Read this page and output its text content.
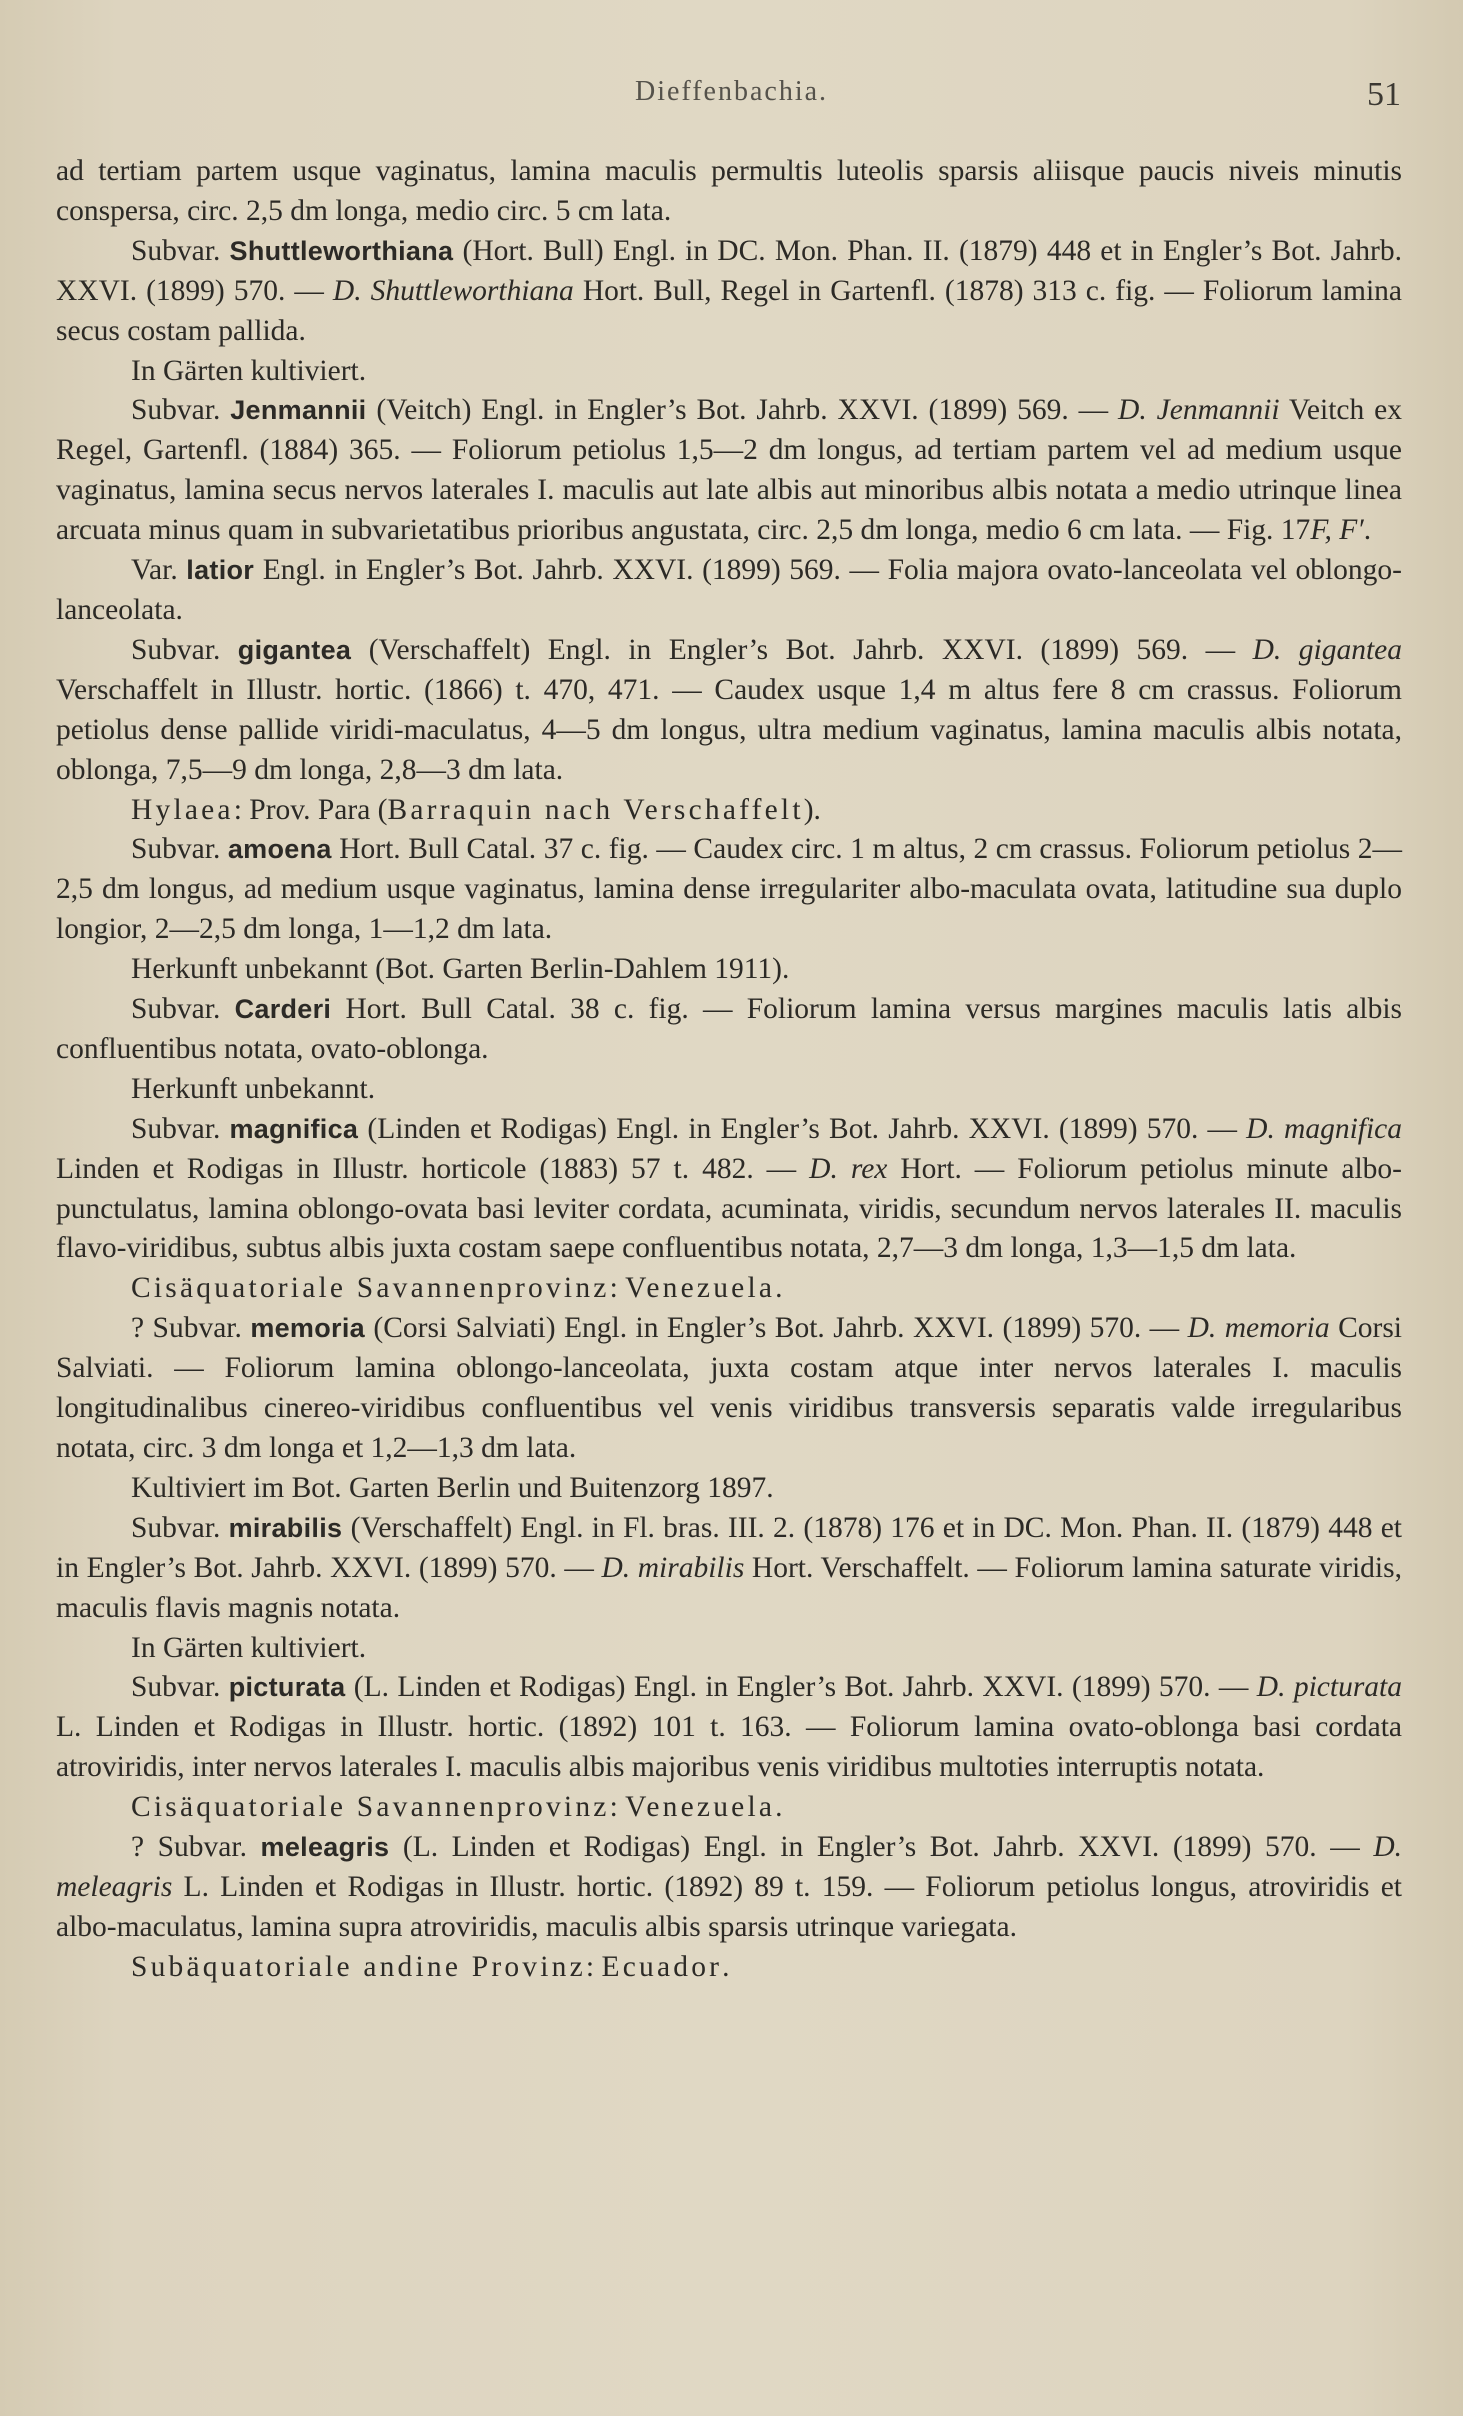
Dieffenbachia.	51

ad tertiam partem usque vaginatus, lamina maculis permultis luteolis sparsis aliisque paucis niveis minutis conspersa, circ. 2,5 dm longa, medio circ. 5 cm lata.

Subvar. Shuttleworthiana (Hort. Bull) Engl. in DC. Mon. Phan. II. (1879) 448 et in Engler’s Bot. Jahrb. XXVI. (1899) 570. — D. Shuttleworthiana Hort. Bull, Regel in Gartenfl. (1878) 313 c. fig. — Foliorum lamina secus costam pallida.

In Gärten kultiviert.

Subvar. Jenmannii (Veitch) Engl. in Engler’s Bot. Jahrb. XXVI. (1899) 569. — D. Jenmannii Veitch ex Regel, Gartenfl. (1884) 365. — Foliorum petiolus 1,5—2 dm longus, ad tertiam partem vel ad medium usque vaginatus, lamina secus nervos laterales I. maculis aut late albis aut minoribus albis notata a medio utrinque linea arcuata minus quam in subvarietatibus prioribus angustata, circ. 2,5 dm longa, medio 6 cm lata. — Fig. 17F, F′.

Var. latior Engl. in Engler’s Bot. Jahrb. XXVI. (1899) 569. — Folia majora ovato-lanceolata vel oblongo-lanceolata.

Subvar. gigantea (Verschaffelt) Engl. in Engler’s Bot. Jahrb. XXVI. (1899) 569. — D. gigantea Verschaffelt in Illustr. hortic. (1866) t. 470, 471. — Caudex usque 1,4 m altus fere 8 cm crassus. Foliorum petiolus dense pallide viridi-maculatus, 4—5 dm longus, ultra medium vaginatus, lamina maculis albis notata, oblonga, 7,5—9 dm longa, 2,8—3 dm lata.

Hylaea: Prov. Para (Barraquin nach Verschaffelt).

Subvar. amoena Hort. Bull Catal. 37 c. fig. — Caudex circ. 1 m altus, 2 cm crassus. Foliorum petiolus 2—2,5 dm longus, ad medium usque vaginatus, lamina dense irregulariter albo-maculata ovata, latitudine sua duplo longior, 2—2,5 dm longa, 1—1,2 dm lata.

Herkunft unbekannt (Bot. Garten Berlin-Dahlem 1911).

Subvar. Carderi Hort. Bull Catal. 38 c. fig. — Foliorum lamina versus margines maculis latis albis confluentibus notata, ovato-oblonga.

Herkunft unbekannt.

Subvar. magnifica (Linden et Rodigas) Engl. in Engler’s Bot. Jahrb. XXVI. (1899) 570. — D. magnifica Linden et Rodigas in Illustr. horticole (1883) 57 t. 482. — D. rex Hort. — Foliorum petiolus minute albo-punctulatus, lamina oblongo-ovata basi leviter cordata, acuminata, viridis, secundum nervos laterales II. maculis flavo-viridibus, subtus albis juxta costam saepe confluentibus notata, 2,7—3 dm longa, 1,3—1,5 dm lata.

Cisäquatoriale Savannenprovinz: Venezuela.

? Subvar. memoria (Corsi Salviati) Engl. in Engler’s Bot. Jahrb. XXVI. (1899) 570. — D. memoria Corsi Salviati. — Foliorum lamina oblongo-lanceolata, juxta costam atque inter nervos laterales I. maculis longitudinalibus cinereo-viridibus confluentibus vel venis viridibus transversis separatis valde irregularibus notata, circ. 3 dm longa et 1,2—1,3 dm lata.

Kultiviert im Bot. Garten Berlin und Buitenzorg 1897.

Subvar. mirabilis (Verschaffelt) Engl. in Fl. bras. III. 2. (1878) 176 et in DC. Mon. Phan. II. (1879) 448 et in Engler’s Bot. Jahrb. XXVI. (1899) 570. — D. mirabilis Hort. Verschaffelt. — Foliorum lamina saturate viridis, maculis flavis magnis notata.

In Gärten kultiviert.

Subvar. picturata (L. Linden et Rodigas) Engl. in Engler’s Bot. Jahrb. XXVI. (1899) 570. — D. picturata L. Linden et Rodigas in Illustr. hortic. (1892) 101 t. 163. — Foliorum lamina ovato-oblonga basi cordata atroviridis, inter nervos laterales I. maculis albis majoribus venis viridibus multoties interruptis notata.

Cisäquatoriale Savannenprovinz: Venezuela.

? Subvar. meleagris (L. Linden et Rodigas) Engl. in Engler’s Bot. Jahrb. XXVI. (1899) 570. — D. meleagris L. Linden et Rodigas in Illustr. hortic. (1892) 89 t. 159. — Foliorum petiolus longus, atroviridis et albo-maculatus, lamina supra atroviridis, maculis albis sparsis utrinque variegata.

Subäquatoriale andine Provinz: Ecuador.
